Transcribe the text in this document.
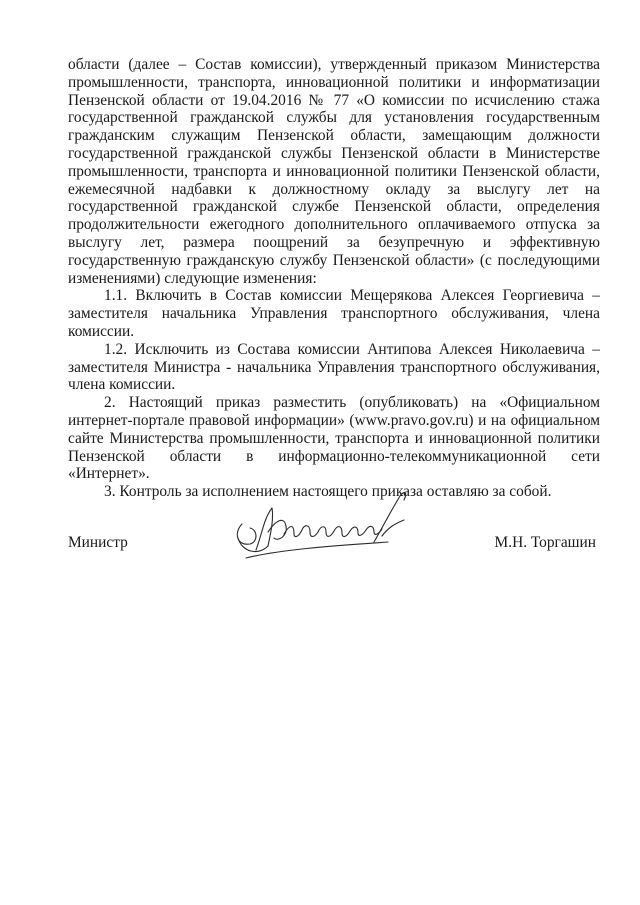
области (далее – Состав комиссии), утвержденный приказом Министерства промышленности, транспорта, инновационной политики и информатизации Пензенской области от 19.04.2016 № 77 «О комиссии по исчислению стажа государственной гражданской службы для установления государственным гражданским служащим Пензенской области, замещающим должности государственной гражданской службы Пензенской области в Министерстве промышленности, транспорта и инновационной политики Пензенской области, ежемесячной надбавки к должностному окладу за выслугу лет на государственной гражданской службе Пензенской области, определения продолжительности ежегодного дополнительного оплачиваемого отпуска за выслугу лет, размера поощрений за безупречную и эффективную государственную гражданскую службу Пензенской области» (с последующими изменениями) следующие изменения:

1.1. Включить в Состав комиссии Мещерякова Алексея Георгиевича – заместителя начальника Управления транспортного обслуживания, члена комиссии.

1.2. Исключить из Состава комиссии Антипова Алексея Николаевича – заместителя Министра - начальника Управления транспортного обслуживания, члена комиссии.

2. Настоящий приказ разместить (опубликовать) на «Официальном интернет-портале правовой информации» (www.pravo.gov.ru) и на официальном сайте Министерства промышленности, транспорта и инновационной политики Пензенской области в информационно-телекоммуникационной сети «Интернет».

3. Контроль за исполнением настоящего приказа оставляю за собой.

Министр	М.Н. Торгашин
